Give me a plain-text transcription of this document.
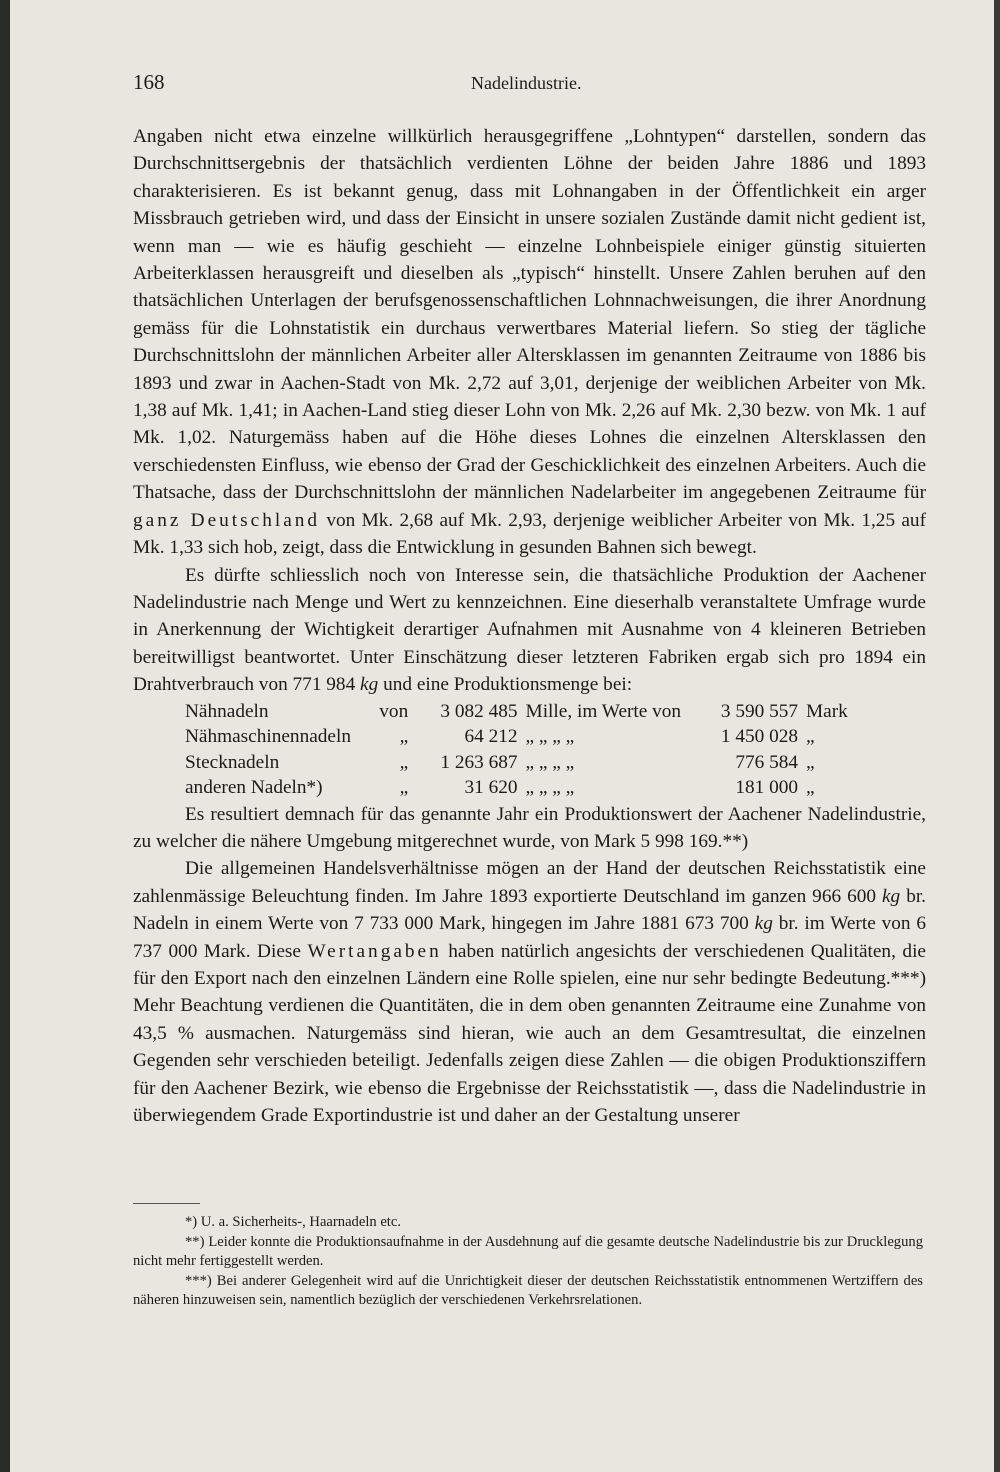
168	Nadelindustrie.

Angaben nicht etwa einzelne willkürlich herausgegriffene „Lohntypen“ darstellen, sondern das Durchschnittsergebnis der thatsächlich verdienten Löhne der beiden Jahre 1886 und 1893 charakterisieren. Es ist bekannt genug, dass mit Lohnangaben in der Öffentlichkeit ein arger Missbrauch getrieben wird, und dass der Einsicht in unsere sozialen Zustände damit nicht gedient ist, wenn man — wie es häufig geschieht — einzelne Lohnbeispiele einiger günstig situierten Arbeiterklassen herausgreift und dieselben als „typisch“ hinstellt. Unsere Zahlen beruhen auf den thatsächlichen Unterlagen der berufsgenossenschaftlichen Lohnnachweisungen, die ihrer Anordnung gemäss für die Lohnstatistik ein durchaus verwertbares Material liefern. So stieg der tägliche Durchschnittslohn der männlichen Arbeiter aller Altersklassen im genannten Zeitraume von 1886 bis 1893 und zwar in Aachen-Stadt von Mk. 2,72 auf 3,01, derjenige der weiblichen Arbeiter von Mk. 1,38 auf Mk. 1,41; in Aachen-Land stieg dieser Lohn von Mk. 2,26 auf Mk. 2,30 bezw. von Mk. 1 auf Mk. 1,02. Naturgemäss haben auf die Höhe dieses Lohnes die einzelnen Altersklassen den verschiedensten Einfluss, wie ebenso der Grad der Geschicklichkeit des einzelnen Arbeiters. Auch die Thatsache, dass der Durchschnittslohn der männlichen Nadelarbeiter im angegebenen Zeitraume für ganz Deutschland von Mk. 2,68 auf Mk. 2,93, derjenige weiblicher Arbeiter von Mk. 1,25 auf Mk. 1,33 sich hob, zeigt, dass die Entwicklung in gesunden Bahnen sich bewegt.

Es dürfte schliesslich noch von Interesse sein, die thatsächliche Produktion der Aachener Nadelindustrie nach Menge und Wert zu kennzeichnen. Eine dieserhalb veranstaltete Umfrage wurde in Anerkennung der Wichtigkeit derartiger Aufnahmen mit Ausnahme von 4 kleineren Betrieben bereitwilligst beantwortet. Unter Einschätzung dieser letzteren Fabriken ergab sich pro 1894 ein Drahtverbrauch von 771 984 kg und eine Produktionsmenge bei:

Nähnadeln	von	3 082 485	Mille, im Werte von	3 590 557	Mark
Nähmaschinennadeln	„	64 212	„ „ „ „	1 450 028	„
Stecknadeln	„	1 263 687	„ „ „ „	776 584	„
anderen Nadeln*)	„	31 620	„ „ „ „	181 000	„

Es resultiert demnach für das genannte Jahr ein Produktionswert der Aachener Nadelindustrie, zu welcher die nähere Umgebung mitgerechnet wurde, von Mark 5 998 169.**)

Die allgemeinen Handelsverhältnisse mögen an der Hand der deutschen Reichsstatistik eine zahlenmässige Beleuchtung finden. Im Jahre 1893 exportierte Deutschland im ganzen 966 600 kg br. Nadeln in einem Werte von 7 733 000 Mark, hingegen im Jahre 1881 673 700 kg br. im Werte von 6 737 000 Mark. Diese Wertangaben haben natürlich angesichts der verschiedenen Qualitäten, die für den Export nach den einzelnen Ländern eine Rolle spielen, eine nur sehr bedingte Bedeutung.***) Mehr Beachtung verdienen die Quantitäten, die in dem oben genannten Zeitraume eine Zunahme von 43,5 % ausmachen. Naturgemäss sind hieran, wie auch an dem Gesamtresultat, die einzelnen Gegenden sehr verschieden beteiligt. Jedenfalls zeigen diese Zahlen — die obigen Produktionsziffern für den Aachener Bezirk, wie ebenso die Ergebnisse der Reichsstatistik —, dass die Nadelindustrie in überwiegendem Grade Exportindustrie ist und daher an der Gestaltung unserer

*) U. a. Sicherheits-, Haarnadeln etc.

**) Leider konnte die Produktionsaufnahme in der Ausdehnung auf die gesamte deutsche Nadelindustrie bis zur Drucklegung nicht mehr fertiggestellt werden.

***) Bei anderer Gelegenheit wird auf die Unrichtigkeit dieser der deutschen Reichsstatistik entnommenen Wertziffern des näheren hinzuweisen sein, namentlich bezüglich der verschiedenen Verkehrsrelationen.
